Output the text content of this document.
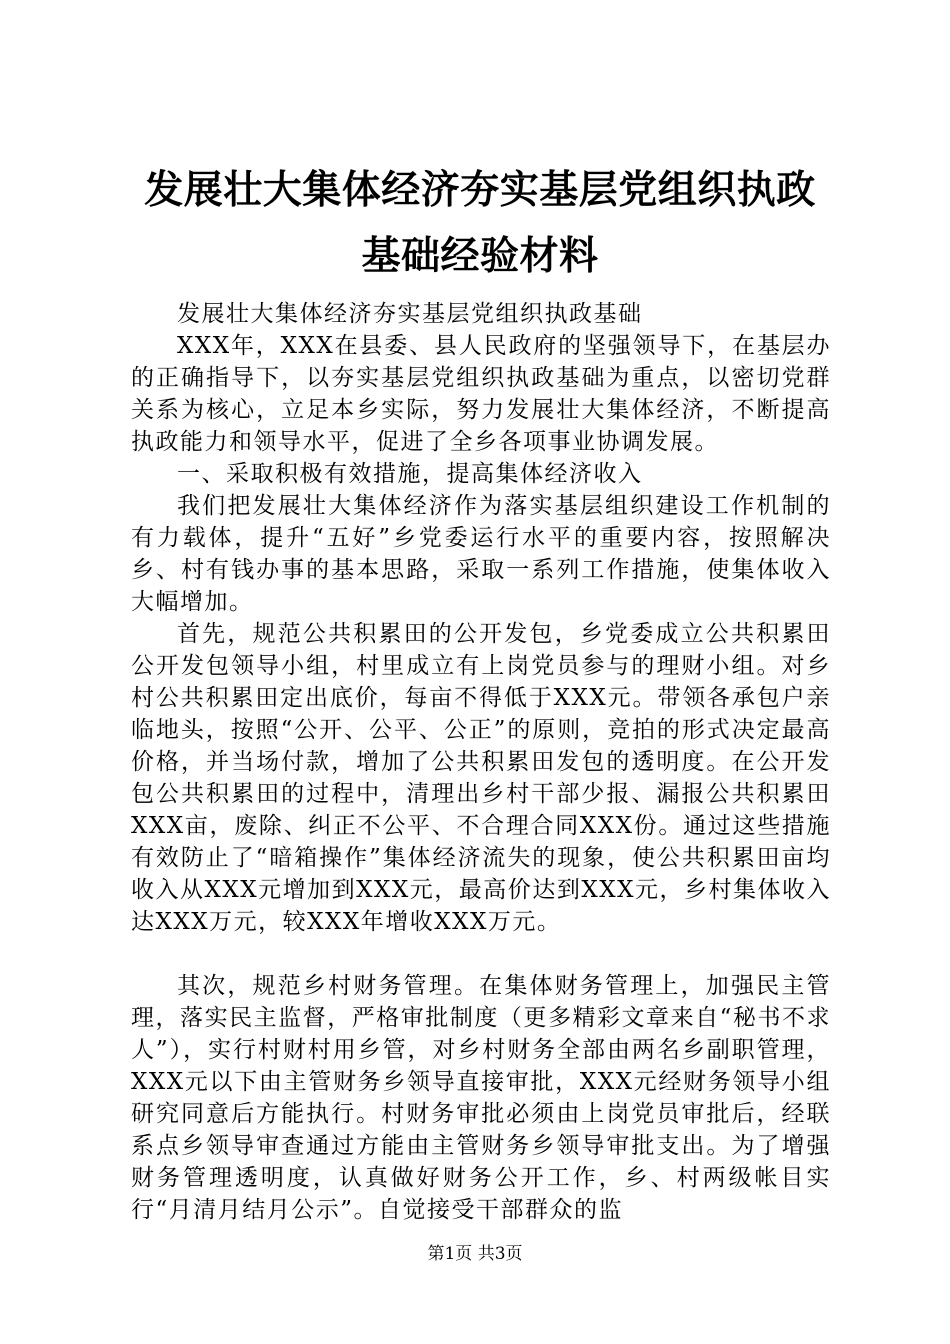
发展壮大集体经济夯实基层党组织执政基础经验材料

发展壮大集体经济夯实基层党组织执政基础

XXX年，XXX在县委、县人民政府的坚强领导下，在基层办的正确指导下，以夯实基层党组织执政基础为重点，以密切党群关系为核心，立足本乡实际，努力发展壮大集体经济，不断提高执政能力和领导水平，促进了全乡各项事业协调发展。

一、采取积极有效措施，提高集体经济收入

我们把发展壮大集体经济作为落实基层组织建设工作机制的有力载体，提升“五好”乡党委运行水平的重要内容，按照解决乡、村有钱办事的基本思路，采取一系列工作措施，使集体收入大幅增加。

首先，规范公共积累田的公开发包，乡党委成立公共积累田公开发包领导小组，村里成立有上岗党员参与的理财小组。对乡村公共积累田定出底价，每亩不得低于XXX元。带领各承包户亲临地头，按照“公开、公平、公正”的原则，竞拍的形式决定最高价格，并当场付款，增加了公共积累田发包的透明度。在公开发包公共积累田的过程中，清理出乡村干部少报、漏报公共积累田XXX亩，废除、纠正不公平、不合理合同XXX份。通过这些措施有效防止了“暗箱操作”集体经济流失的现象，使公共积累田亩均收入从XXX元增加到XXX元，最高价达到XXX元，乡村集体收入达XXX万元，较XXX年增收XXX万元。

其次，规范乡村财务管理。在集体财务管理上，加强民主管理，落实民主监督，严格审批制度（更多精彩文章来自“秘书不求人”），实行村财村用乡管，对乡村财务全部由两名乡副职管理，XXX元以下由主管财务乡领导直接审批，XXX元经财务领导小组研究同意后方能执行。村财务审批必须由上岗党员审批后，经联系点乡领导审查通过方能由主管财务乡领导审批支出。为了增强财务管理透明度，认真做好财务公开工作，乡、村两级帐目实行“月清月结月公示”。自觉接受干部群众的监

第1页 共3页
